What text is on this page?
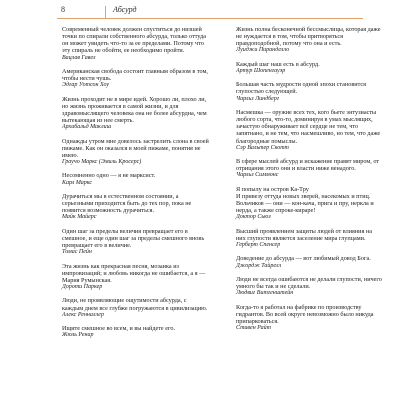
8	Абсурд
Современный человек должен спуститься до низшей точки по спирали собственного абсурда, только оттуда он может увидеть что-то за ее пределами. Потому что эту спираль не обойти, ее необходимо пройти.
Вацлав Гавел
Американская свобода состоит главным образом в том, чтобы нести чушь.
Эдгар Уотсон Хоу
Жизнь проходит не в мире идей. Хорошо ли, плохо ли, но жизнь проживается в самой жизни, и для здравомыслящего человека она не более абсурдна, чем вытекающая из нее смерть.
Архибальд Маклиш
Однажды утром мне довелось застрелить слона в своей пижаме. Как он оказался в моей пижаме, понятия не имею.
Граучо Маркс (Эмиль Кросерс)
Несомненно одно — я не марксист.
Карл Маркс
Дурачиться мы в естественном состоянии, а серьезными приходится быть до тех пор, пока не появится возможность дурачиться.
Майк Майерс
Один шаг за пределы величия превращает его в смешное, и еще один шаг за пределы смешного вновь превращает его в величие.
Томас Пейн
Эта жизнь как прекрасная песня, мозаика из импровизаций; и любовь никогда не ошибается, а я — Мария Румынская.
Дороти Паркер
Люди, не проявляющие ощутимости абсурда, с каждым днем все глубже погружаются в цивилизацию.
Алекс Ренналлер
Ищите смешное во всем, и вы найдете его.
Жюль Ренар
Жизнь полна бесконечной бессмыслицы, которая даже не нуждается в том, чтобы притворяться правдоподобной, потому что она и есть.
Луиджи Пиранделло
Каждый шаг наш есть в абсурд.
Артур Шопенгауэр
Большая часть мудрости одной эпохи становится глупостью следующей.
Чарльз Линдберг
Насмешка — оружие всех тех, кого бьете энтузиасты любого сорта, что-то, доминируя в умах мыслящих, зачастую обнаруживает всё сердце не тем, что запятнано, и не тем, что насмешливо, но тем, что даже благородные помыслы.
Сэр Вальтер Скотт
В сфере мыслей абсурд и искажение правят миром, от отрицания этого они и власти ниже венадого.
Чарльз Симмонс
Я попылу на остров Ка-Тру
И привезу оттуда новых зверей, насекомых и птиц.
Вольчиков — они — кон-кача, прига и пру, неркла и нерда, а также спроке-кираре!
Доктор Сьюз
Высший проявлением защиты людей от влияния на них глупости является заселение мира глупцами.
Герберт Спенсер
Доведение до абсурда — вот любимый довод Бога.
Джордж Тайрелл
Люди не всегда ошибаются не делали глупости, ничего умного бы так и не сделали.
Людвиг Витгенштейн
Когда-то я работал на фабрике по производству гидрантов. Во всей округе невозможно было никуда припарковаться.
Стивен Райт
